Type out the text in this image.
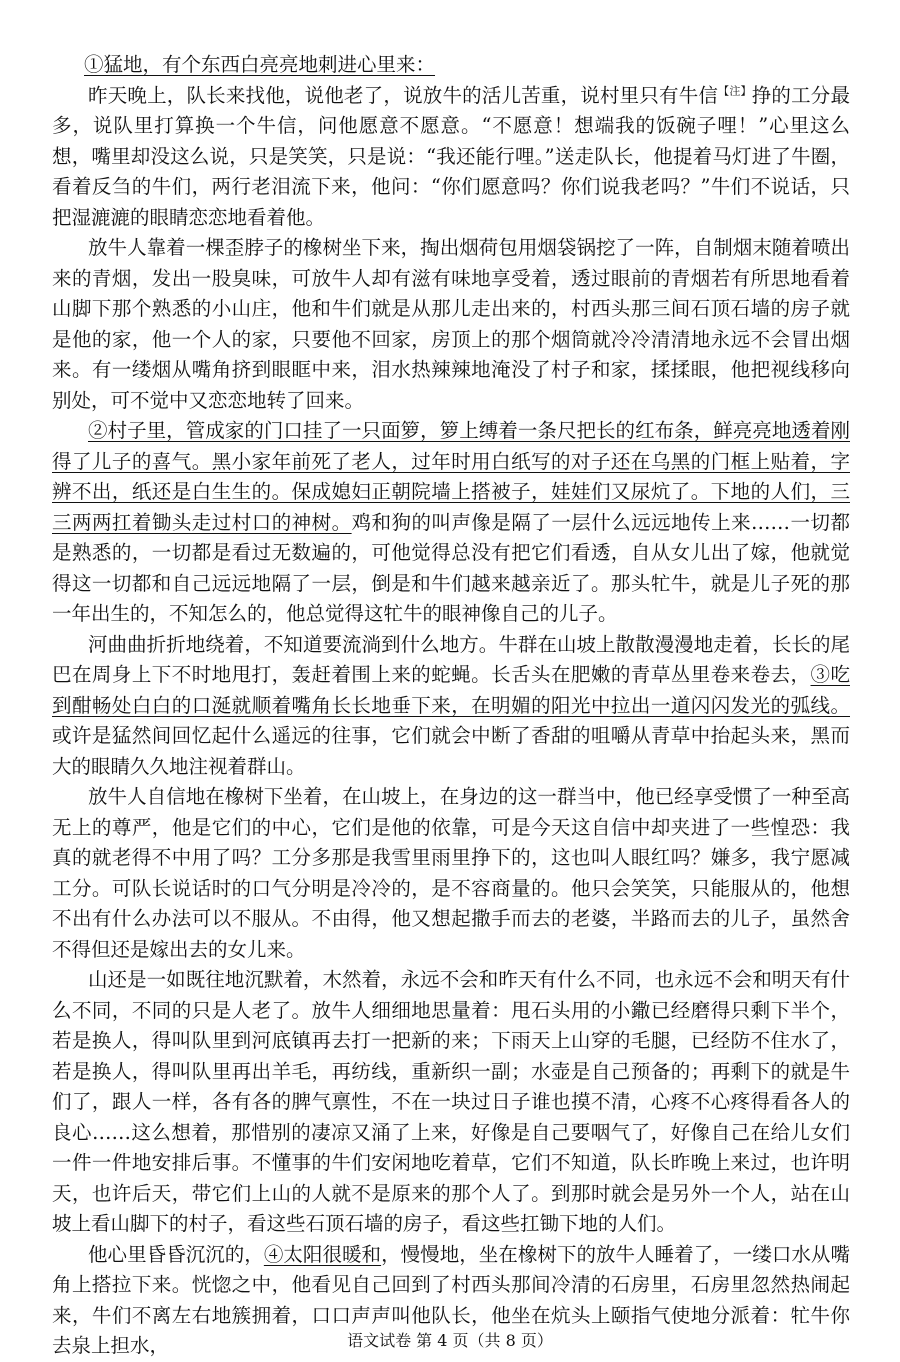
①猛地，有个东西白亮亮地刺进心里来：

昨天晚上，队长来找他，说他老了，说放牛的活儿苦重，说村里只有牛信$^{【注】}$挣的工分最多，说队里打算换一个牛信，问他愿意不愿意。“不愿意！想端我的饭碗子哩！”心里这么想，嘴里却没这么说，只是笑笑，只是说：“我还能行哩。”送走队长，他提着马灯进了牛圈，看着反刍的牛们，两行老泪流下来，他问：“你们愿意吗？你们说我老吗？”牛们不说话，只把湿漉漉的眼睛恋恋地看着他。

放牛人靠着一棵歪脖子的橡树坐下来，掏出烟荷包用烟袋锅挖了一阵，自制烟末随着喷出来的青烟，发出一股臭味，可放牛人却有滋有味地享受着，透过眼前的青烟若有所思地看着山脚下那个熟悉的小山庄，他和牛们就是从那儿走出来的，村西头那三间石顶石墙的房子就是他的家，他一个人的家，只要他不回家，房顶上的那个烟筒就冷冷清清地永远不会冒出烟来。有一缕烟从嘴角挤到眼眶中来，泪水热辣辣地淹没了村子和家，揉揉眼，他把视线移向别处，可不觉中又恋恋地转了回来。

②村子里，管成家的门口挂了一只面箩，箩上缚着一条尺把长的红布条，鲜亮亮地透着刚得了儿子的喜气。黑小家年前死了老人，过年时用白纸写的对子还在乌黑的门框上贴着，字辨不出，纸还是白生生的。保成媳妇正朝院墙上搭被子，娃娃们又尿炕了。下地的人们，三三两两扛着锄头走过村口的神树。鸡和狗的叫声像是隔了一层什么远远地传上来……一切都是熟悉的，一切都是看过无数遍的，可他觉得总没有把它们看透，自从女儿出了嫁，他就觉得这一切都和自己远远地隔了一层，倒是和牛们越来越亲近了。那头牤牛，就是儿子死的那一年出生的，不知怎么的，他总觉得这牤牛的眼神像自己的儿子。

河曲曲折折地绕着，不知道要流淌到什么地方。牛群在山坡上散散漫漫地走着，长长的尾巴在周身上下不时地甩打，轰赶着围上来的蛇蝇。长舌头在肥嫩的青草丛里卷来卷去，③吃到酣畅处白白的口涎就顺着嘴角长长地垂下来，在明媚的阳光中拉出一道闪闪发光的弧线。或许是猛然间回忆起什么遥远的往事，它们就会中断了香甜的咀嚼从青草中抬起头来，黑而大的眼睛久久地注视着群山。

放牛人自信地在橡树下坐着，在山坡上，在身边的这一群当中，他已经享受惯了一种至高无上的尊严，他是它们的中心，它们是他的依靠，可是今天这自信中却夹进了一些惶恐：我真的就老得不中用了吗？工分多那是我雪里雨里挣下的，这也叫人眼红吗？嫌多，我宁愿减工分。可队长说话时的口气分明是冷冷的，是不容商量的。他只会笑笑，只能服从的，他想不出有什么办法可以不服从。不由得，他又想起撒手而去的老婆，半路而去的儿子，虽然舍不得但还是嫁出去的女儿来。

山还是一如既往地沉默着，木然着，永远不会和昨天有什么不同，也永远不会和明天有什么不同，不同的只是人老了。放牛人细细地思量着：甩石头用的小鏾已经磨得只剩下半个，若是换人，得叫队里到河底镇再去打一把新的来；下雨天上山穿的毛腿，已经防不住水了，若是换人，得叫队里再出羊毛，再纺线，重新织一副；水壶是自己预备的；再剩下的就是牛们了，跟人一样，各有各的脾气禀性，不在一块过日子谁也摸不清，心疼不心疼得看各人的良心……这么想着，那惜别的凄凉又涌了上来，好像是自己要咽气了，好像自己在给儿女们一件一件地安排后事。不懂事的牛们安闲地吃着草，它们不知道，队长昨晚上来过，也许明天，也许后天，带它们上山的人就不是原来的那个人了。到那时就会是另外一个人，站在山坡上看山脚下的村子，看这些石顶石墙的房子，看这些扛锄下地的人们。

他心里昏昏沉沉的，④太阳很暖和，慢慢地，坐在橡树下的放牛人睡着了，一缕口水从嘴角上搭拉下来。恍惚之中，他看见自己回到了村西头那间冷清的石房里，石房里忽然热闹起来，牛们不离左右地簇拥着，口口声声叫他队长，他坐在炕头上颐指气使地分派着：牤牛你去泉上担水，	语文试卷 第 4 页（共 8 页）
